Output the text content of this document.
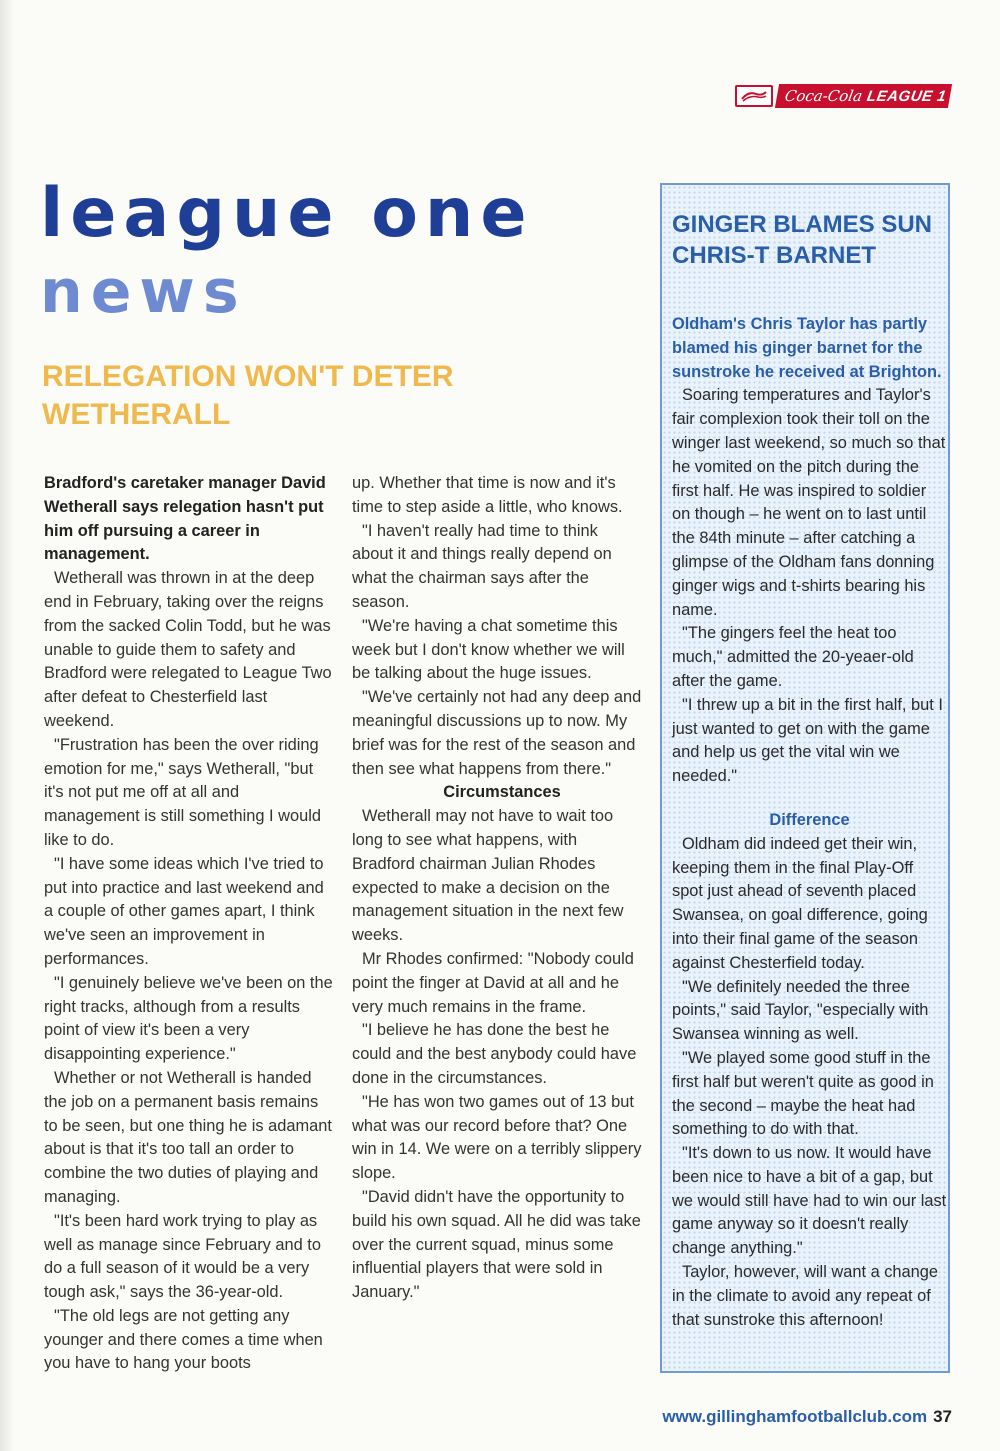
Coca-Cola LEAGUE 1
league one
news
RELEGATION WON'T DETER WETHERALL

Bradford's caretaker manager David Wetherall says relegation hasn't put him off pursuing a career in management.

Wetherall was thrown in at the deep end in February, taking over the reigns from the sacked Colin Todd, but he was unable to guide them to safety and Bradford were relegated to League Two after defeat to Chesterfield last weekend.

"Frustration has been the over riding emotion for me," says Wetherall, "but it's not put me off at all and management is still something I would like to do.

"I have some ideas which I've tried to put into practice and last weekend and a couple of other games apart, I think we've seen an improvement in performances.

"I genuinely believe we've been on the right tracks, although from a results point of view it's been a very disappointing experience."

Whether or not Wetherall is handed the job on a permanent basis remains to be seen, but one thing he is adamant about is that it's too tall an order to combine the two duties of playing and managing.

"It's been hard work trying to play as well as manage since February and to do a full season of it would be a very tough ask," says the 36-year-old.

"The old legs are not getting any younger and there comes a time when you have to hang your boots

up. Whether that time is now and it's time to step aside a little, who knows.

"I haven't really had time to think about it and things really depend on what the chairman says after the season.

"We're having a chat sometime this week but I don't know whether we will be talking about the huge issues.

"We've certainly not had any deep and meaningful discussions up to now. My brief was for the rest of the season and then see what happens from there."

Circumstances

Wetherall may not have to wait too long to see what happens, with Bradford chairman Julian Rhodes expected to make a decision on the management situation in the next few weeks.

Mr Rhodes confirmed: "Nobody could point the finger at David at all and he very much remains in the frame.

"I believe he has done the best he could and the best anybody could have done in the circumstances.

"He has won two games out of 13 but what was our record before that? One win in 14. We were on a terribly slippery slope.

"David didn't have the opportunity to build his own squad. All he did was take over the current squad, minus some influential players that were sold in January."

GINGER BLAMES SUN CHRIS-T BARNET

Oldham's Chris Taylor has partly blamed his ginger barnet for the sunstroke he received at Brighton.

Soaring temperatures and Taylor's fair complexion took their toll on the winger last weekend, so much so that he vomited on the pitch during the first half. He was inspired to soldier on though – he went on to last until the 84th minute – after catching a glimpse of the Oldham fans donning ginger wigs and t-shirts bearing his name.

"The gingers feel the heat too much," admitted the 20-yeaer-old after the game.

"I threw up a bit in the first half, but I just wanted to get on with the game and help us get the vital win we needed."

Difference

Oldham did indeed get their win, keeping them in the final Play-Off spot just ahead of seventh placed Swansea, on goal difference, going into their final game of the season against Chesterfield today.

"We definitely needed the three points," said Taylor, "especially with Swansea winning as well.

"We played some good stuff in the first half but weren't quite as good in the second – maybe the heat had something to do with that.

"It's down to us now. It would have been nice to have a bit of a gap, but we would still have had to win our last game anyway so it doesn't really change anything."

Taylor, however, will want a change in the climate to avoid any repeat of that sunstroke this afternoon!

www.gillinghamfootballclub.com 37
